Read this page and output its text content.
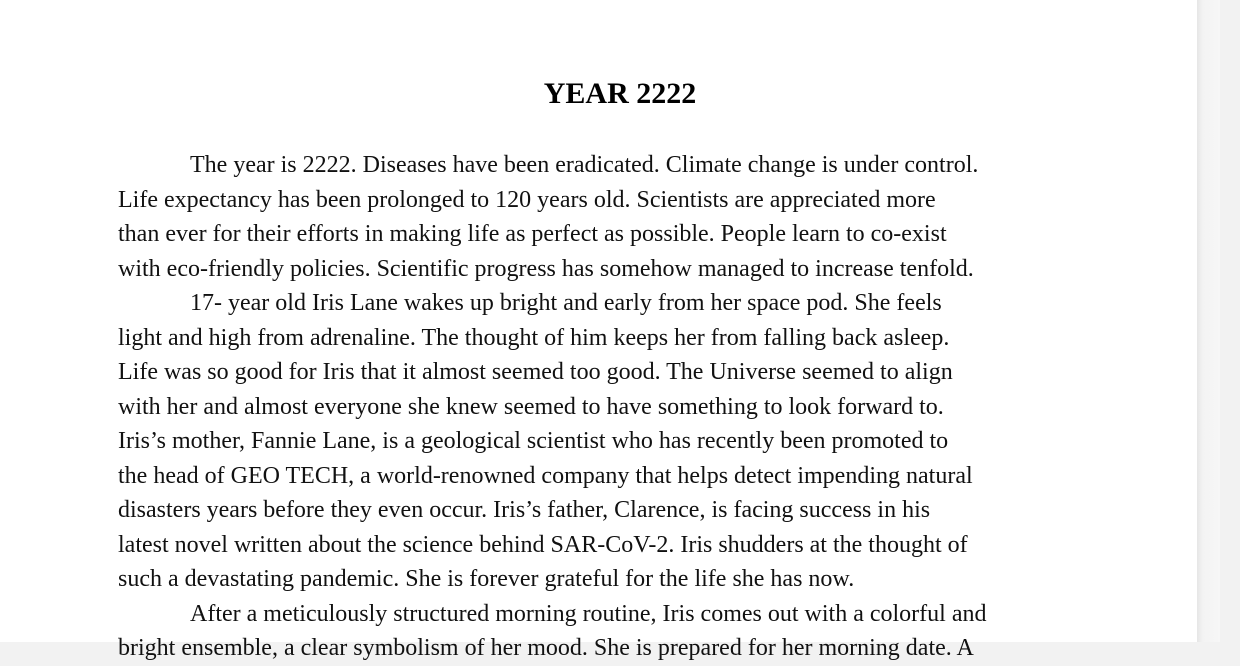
YEAR 2222

The year is 2222. Diseases have been eradicated. Climate change is under control.
Life expectancy has been prolonged to 120 years old. Scientists are appreciated more
than ever for their efforts in making life as perfect as possible. People learn to co-exist
with eco-friendly policies. Scientific progress has somehow managed to increase tenfold.

17- year old Iris Lane wakes up bright and early from her space pod. She feels
light and high from adrenaline. The thought of him keeps her from falling back asleep.
Life was so good for Iris that it almost seemed too good. The Universe seemed to align
with her and almost everyone she knew seemed to have something to look forward to.
Iris’s mother, Fannie Lane, is a geological scientist who has recently been promoted to
the head of GEO TECH, a world-renowned company that helps detect impending natural
disasters years before they even occur. Iris’s father, Clarence, is facing success in his
latest novel written about the science behind SAR-CoV-2. Iris shudders at the thought of
such a devastating pandemic. She is forever grateful for the life she has now.

After a meticulously structured morning routine, Iris comes out with a colorful and
bright ensemble, a clear symbolism of her mood. She is prepared for her morning date. A
